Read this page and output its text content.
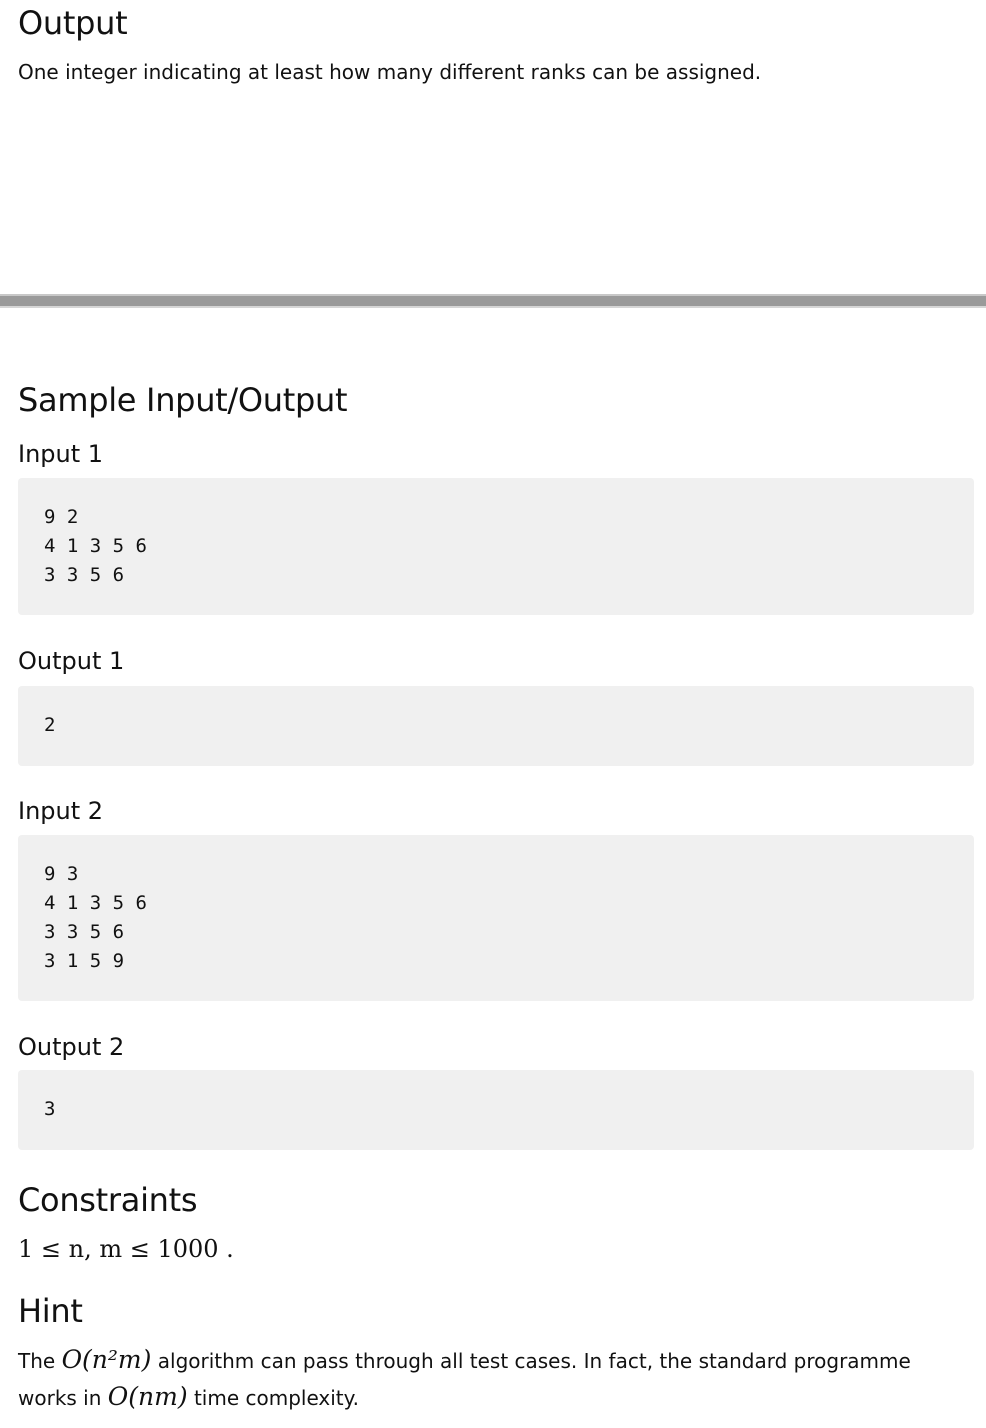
Output

One integer indicating at least how many different ranks can be assigned.

Sample Input/Output
Input 1
9 2
4 1 3 5 6
3 3 5 6
Output 1
2
Input 2
9 3
4 1 3 5 6
3 3 5 6
3 1 5 9
Output 2
3
Constraints
1 ≤ n, m ≤ 1000 .
Hint

The O(n²m) algorithm can pass through all test cases. In fact, the standard programme works in O(nm) time complexity.
